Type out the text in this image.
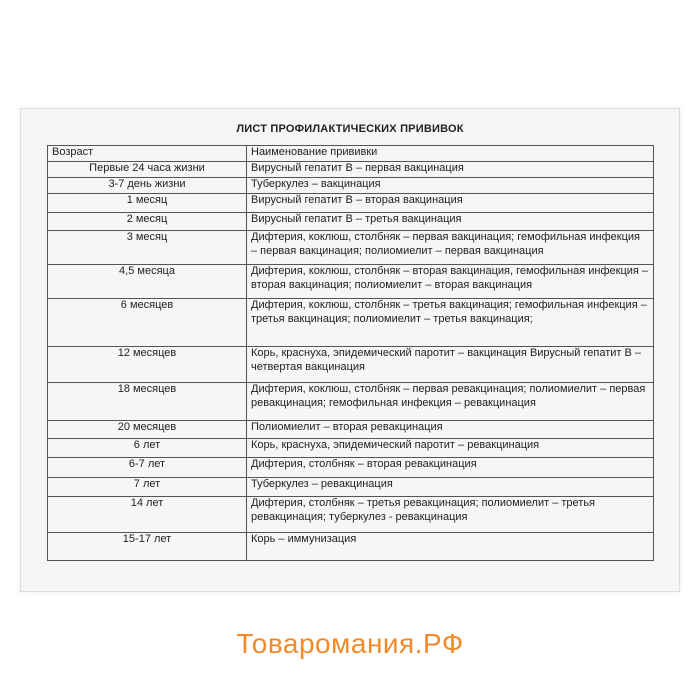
ЛИСТ ПРОФИЛАКТИЧЕСКИХ ПРИВИВОК
Возраст	Наименование прививки
Первые 24 часа жизни	Вирусный гепатит В – первая вакцинация
3-7 день жизни	Туберкулез – вакцинация
1 месяц	Вирусный гепатит В – вторая вакцинация
2 месяц	Вирусный гепатит В – третья вакцинация
3 месяц	Дифтерия, коклюш, столбняк – первая вакцинация; гемофильная инфекция – первая вакцинация; полиомиелит – первая вакцинация
4,5 месяца	Дифтерия, коклюш, столбняк – вторая вакцинация, гемофильная инфекция – вторая вакцинация; полиомиелит – вторая вакцинация
6 месяцев	Дифтерия, коклюш, столбняк – третья вакцинация; гемофильная инфекция – третья вакцинация; полиомиелит – третья вакцинация;
12 месяцев	Корь, краснуха, эпидемический паротит – вакцинация Вирусный гепатит В – четвертая вакцинация
18 месяцев	Дифтерия, коклюш, столбняк – первая ревакцинация; полиомиелит – первая ревакцинация; гемофильная инфекция – ревакцинация
20 месяцев	Полиомиелит – вторая ревакцинация
6 лет	Корь, краснуха, эпидемический паротит – ревакцинация
6-7 лет	Дифтерия, столбняк – вторая ревакцинация
7 лет	Туберкулез – ревакцинация
14 лет	Дифтерия, столбняк – третья ревакцинация; полиомиелит – третья ревакцинация; туберкулез - ревакцинация
15-17 лет	Корь – иммунизация
Товаромания.РФ
